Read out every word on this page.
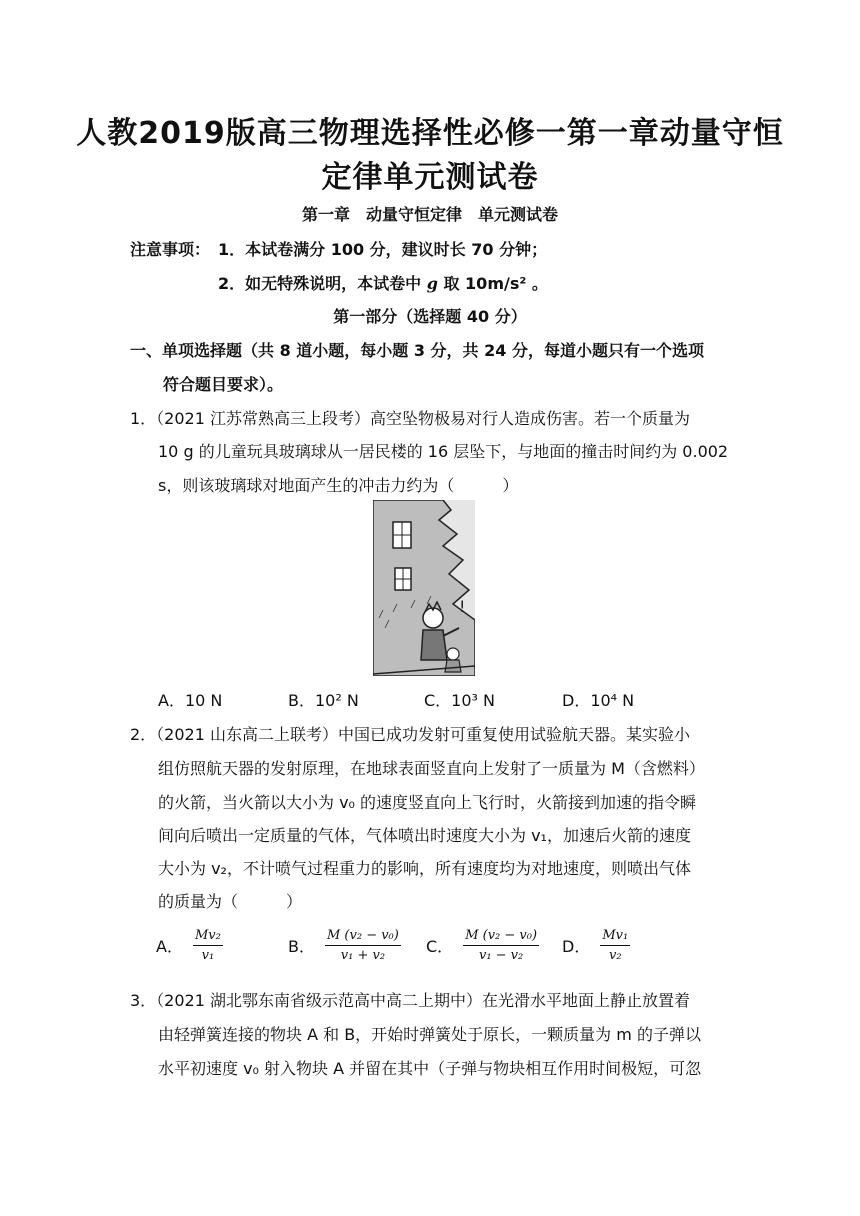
人教2019版高三物理选择性必修一第一章动量守恒
定律单元测试卷
第一章　动量守恒定律　单元测试卷
注意事项： 1．本试卷满分 100 分，建议时长 70 分钟；
2．如无特殊说明，本试卷中 g 取 10m/s² 。
第一部分（选择题 40 分）
一、单项选择题（共 8 道小题，每小题 3 分，共 24 分，每道小题只有一个选项
符合题目要求）。
1．（2021 江苏常熟高三上段考）高空坠物极易对行人造成伤害。若一个质量为
10 g 的儿童玩具玻璃球从一居民楼的 16 层坠下，与地面的撞击时间约为 0.002
s，则该玻璃球对地面产生的冲击力约为（　　　）
!
A．10 N	B．10² N	C．10³ N	D．10⁴ N
2．（2021 山东高二上联考）中国已成功发射可重复使用试验航天器。某实验小
组仿照航天器的发射原理，在地球表面竖直向上发射了一质量为 M（含燃料）
的火箭，当火箭以大小为 v₀ 的速度竖直向上飞行时，火箭接到加速的指令瞬
间向后喷出一定质量的气体，气体喷出时速度大小为 v₁，加速后火箭的速度
大小为 v₂，不计喷气过程重力的影响，所有速度均为对地速度，则喷出气体
的质量为（　　　）
A． $\frac{\text{Mv₂}}{\text{v₁}}$	B． $\frac{\text{M (v₂ − v₀)}}{\text{v₁ + v₂}}$ C． $\frac{\text{M (v₂ − v₀)}}{\text{v₁ − v₂}}$ D． $\frac{\text{Mv₁}}{\text{v₂}}$
3．（2021 湖北鄂东南省级示范高中高二上期中）在光滑水平地面上静止放置着
由轻弹簧连接的物块 A 和 B，开始时弹簧处于原长，一颗质量为 m 的子弹以
水平初速度 v₀ 射入物块 A 并留在其中（子弹与物块相互作用时间极短，可忽
